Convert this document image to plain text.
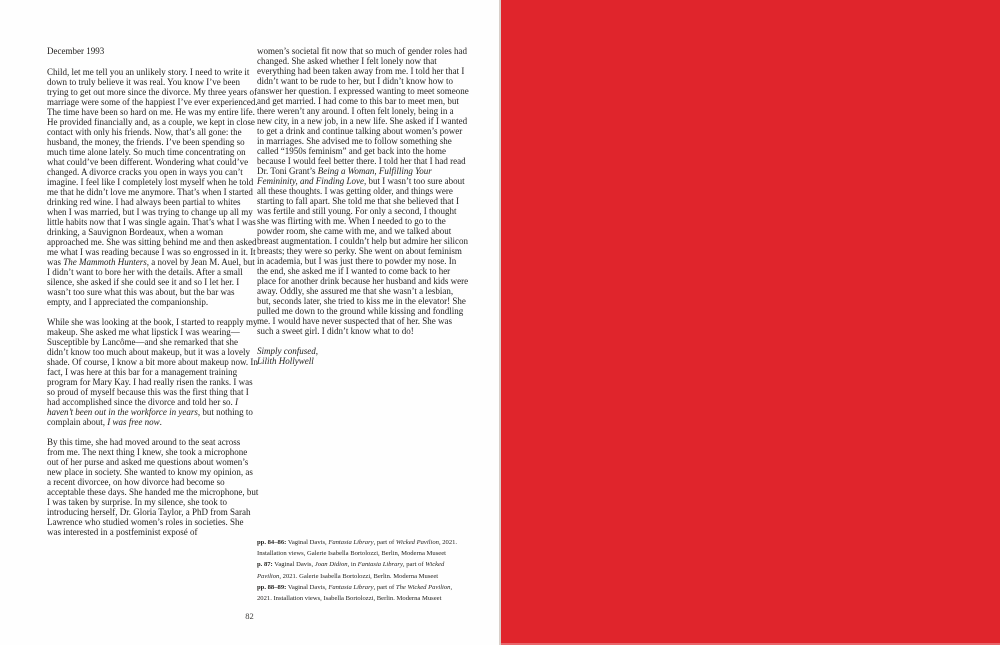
December 1993

Child, let me tell you an unlikely story. I need to write it down to truly believe it was real. You know I’ve been trying to get out more since the divorce. My three years of marriage were some of the happiest I’ve ever experienced. The time have been so hard on me. He was my entire life. He provided financially and, as a couple, we kept in close contact with only his friends. Now, that’s all gone: the husband, the money, the friends. I’ve been spending so much time alone lately. So much time concentrating on what could’ve been different. Wondering what could’ve changed. A divorce cracks you open in ways you can’t imagine. I feel like I completely lost myself when he told me that he didn’t love me anymore. That’s when I started drinking red wine. I had always been partial to whites when I was married, but I was trying to change up all my little habits now that I was single again. That’s what I was drinking, a Sauvignon Bordeaux, when a woman approached me. She was sitting behind me and then asked me what I was reading because I was so engrossed in it. It was The Mammoth Hunters, a novel by Jean M. Auel, but I didn’t want to bore her with the details. After a small silence, she asked if she could see it and so I let her. I wasn’t too sure what this was about, but the bar was empty, and I appreciated the companionship.

While she was looking at the book, I started to reapply my makeup. She asked me what lipstick I was wearing—Susceptible by Lancôme—and she remarked that she didn’t know too much about makeup, but it was a lovely shade. Of course, I know a bit more about makeup now. In fact, I was here at this bar for a management training program for Mary Kay. I had really risen the ranks. I was so proud of myself because this was the first thing that I had accomplished since the divorce and told her so. I haven’t been out in the workforce in years, but nothing to complain about, I was free now.

By this time, she had moved around to the seat across from me. The next thing I knew, she took a microphone out of her purse and asked me questions about women’s new place in society. She wanted to know my opinion, as a recent divorcee, on how divorce had become so acceptable these days. She handed me the microphone, but I was taken by surprise. In my silence, she took to introducing herself, Dr. Gloria Taylor, a PhD from Sarah Lawrence who studied women’s roles in societies. She was interested in a postfeminist exposé of

women’s societal fit now that so much of gender roles had changed. She asked whether I felt lonely now that everything had been taken away from me. I told her that I didn’t want to be rude to her, but I didn’t know how to answer her question. I expressed wanting to meet someone and get married. I had come to this bar to meet men, but there weren’t any around. I often felt lonely, being in a new city, in a new job, in a new life. She asked if I wanted to get a drink and continue talking about women’s power in marriages. She advised me to follow something she called “1950s feminism” and get back into the home because I would feel better there. I told her that I had read Dr. Toni Grant’s Being a Woman, Fulfilling Your Femininity, and Finding Love, but I wasn’t too sure about all these thoughts. I was getting older, and things were starting to fall apart. She told me that she believed that I was fertile and still young. For only a second, I thought she was flirting with me. When I needed to go to the powder room, she came with me, and we talked about breast augmentation. I couldn’t help but admire her silicon breasts; they were so perky. She went on about feminism in academia, but I was just there to powder my nose. In the end, she asked me if I wanted to come back to her place for another drink because her husband and kids were away. Oddly, she assured me that she wasn’t a lesbian, but, seconds later, she tried to kiss me in the elevator! She pulled me down to the ground while kissing and fondling me. I would have never suspected that of her. She was such a sweet girl. I didn’t know what to do!

Simply confused,
Lilith Hollywell

pp. 84–86: Vaginal Davis, Fantasia Library, part of Wicked Pavilion, 2021. Installation views, Galerie Isabella Bortolozzi, Berlin, Moderna Museet

p. 87: Vaginal Davis, Joan Didion, in Fantasia Library, part of Wicked Pavilion, 2021. Galerie Isabella Bortolozzi, Berlin. Moderna Museet

pp. 88–89: Vaginal Davis, Fantasia Library, part of The Wicked Pavilion, 2021. Installation views, Isabella Bortolozzi, Berlin. Moderna Museet

82
